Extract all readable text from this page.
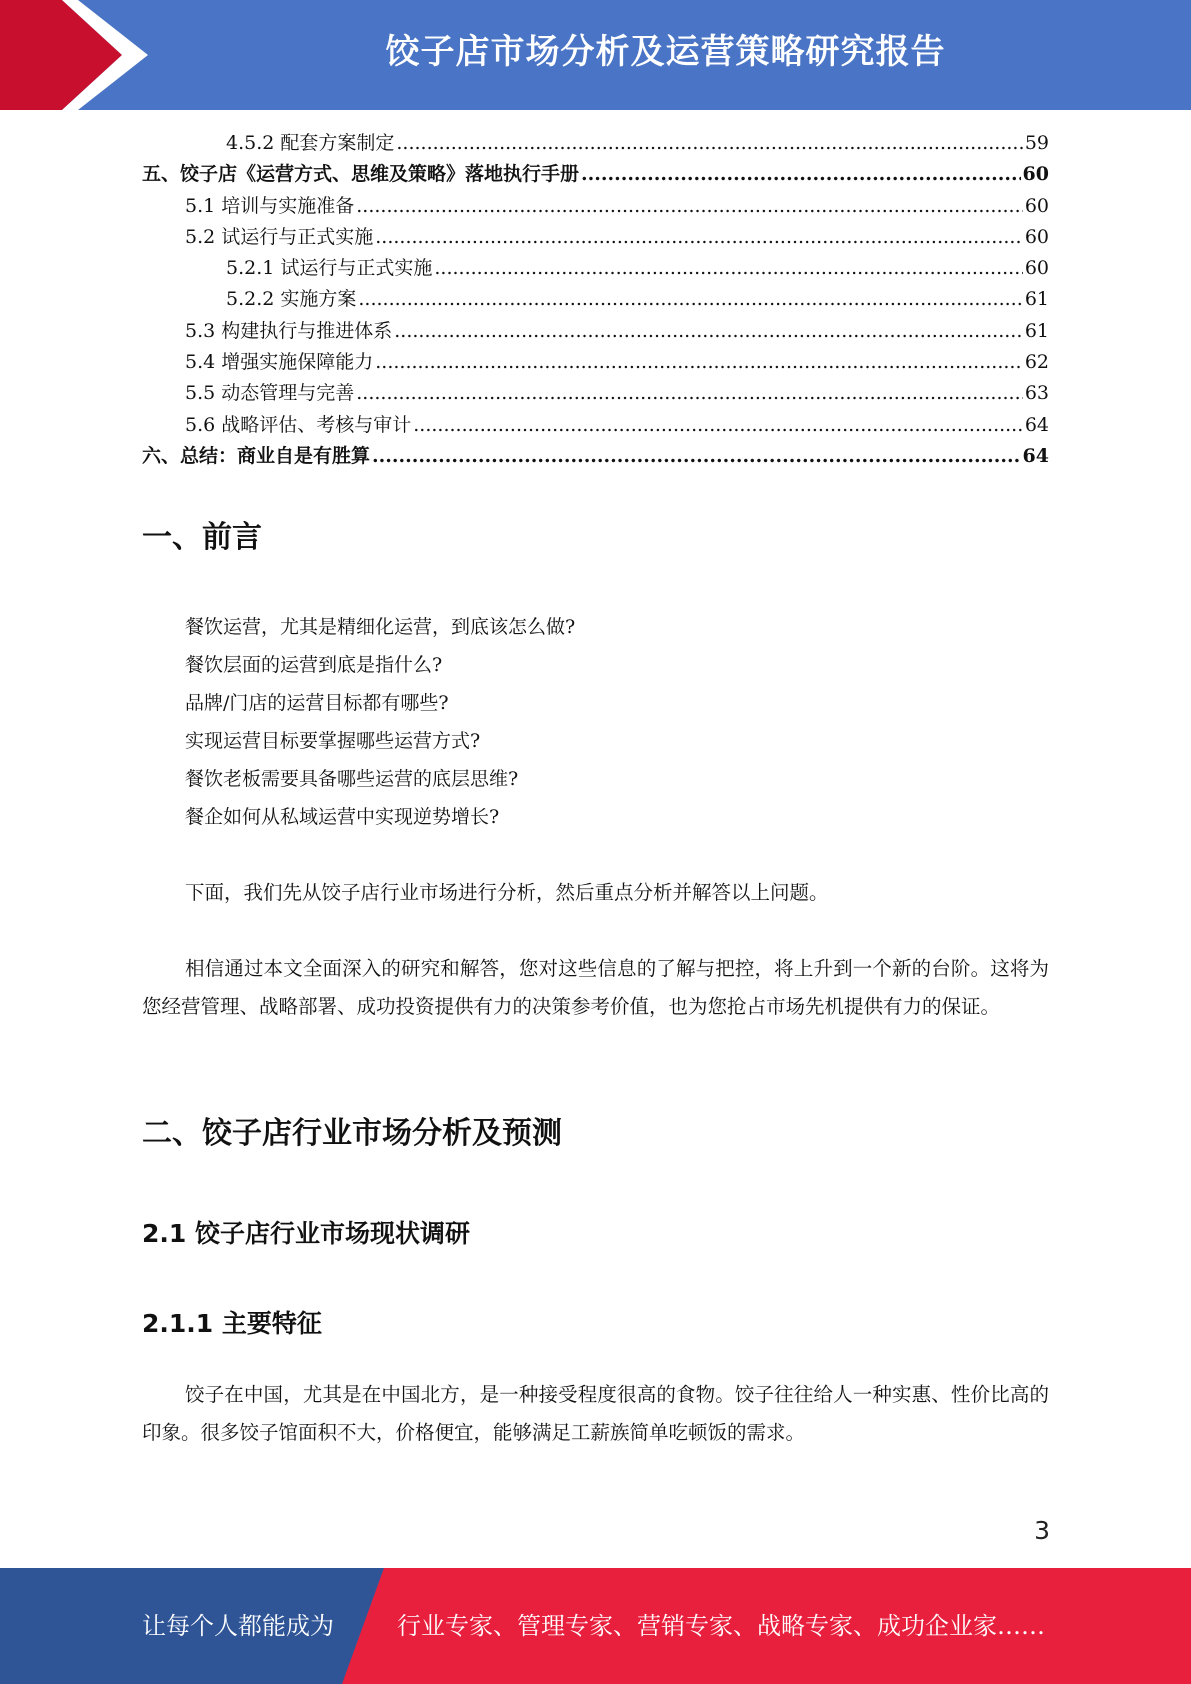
饺子店市场分析及运营策略研究报告
4.5.2 配套方案制定 .....	59
五、饺子店《运营方式、思维及策略》落地执行手册 .....	60
5.1 培训与实施准备 .....	60
5.2 试运行与正式实施 .....	60
5.2.1 试运行与正式实施 .....	60
5.2.2 实施方案 .....	61
5.3 构建执行与推进体系 .....	61
5.4 增强实施保障能力 .....	62
5.5 动态管理与完善 .....	63
5.6 战略评估、考核与审计 .....	64
六、总结：商业自是有胜算 .....	64
一、前言
餐饮运营，尤其是精细化运营，到底该怎么做?
餐饮层面的运营到底是指什么?
品牌/门店的运营目标都有哪些?
实现运营目标要掌握哪些运营方式?
餐饮老板需要具备哪些运营的底层思维?
餐企如何从私域运营中实现逆势增长?
下面，我们先从饺子店行业市场进行分析，然后重点分析并解答以上问题。
相信通过本文全面深入的研究和解答，您对这些信息的了解与把控，将上升到一个新的台阶。这将为您经营管理、战略部署、成功投资提供有力的决策参考价值，也为您抢占市场先机提供有力的保证。
二、饺子店行业市场分析及预测
2.1 饺子店行业市场现状调研
2.1.1 主要特征
饺子在中国，尤其是在中国北方，是一种接受程度很高的食物。饺子往往给人一种实惠、性价比高的印象。很多饺子馆面积不大，价格便宜，能够满足工薪族简单吃顿饭的需求。
3
让每个人都能成为	行业专家、管理专家、营销专家、战略专家、成功企业家……
